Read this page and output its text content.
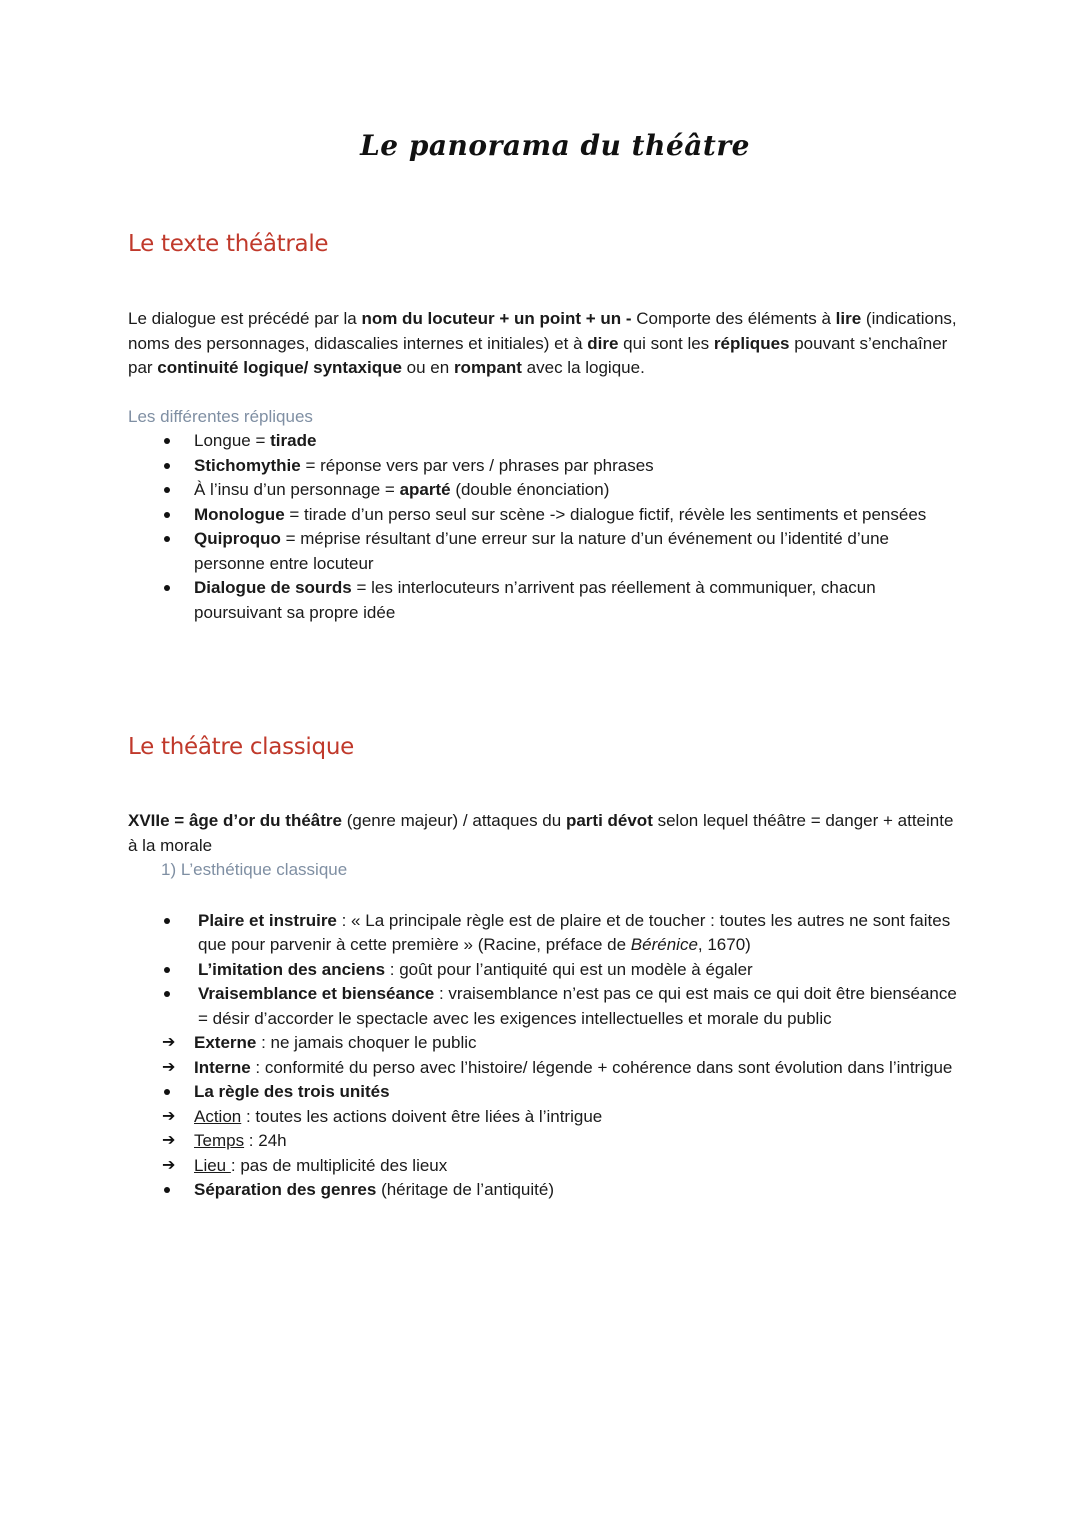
Le panorama du théâtre
Le texte théâtrale

Le dialogue est précédé par la nom du locuteur + un point + un - Comporte des éléments à lire (indications, noms des personnages, didascalies internes et initiales) et à dire qui sont les répliques pouvant s’enchaîner par continuité logique/ syntaxique ou en rompant avec la logique.

Les différentes répliques

Longue = tirade
Stichomythie = réponse vers par vers / phrases par phrases
À l’insu d’un personnage = aparté (double énonciation)
Monologue = tirade d’un perso seul sur scène -> dialogue fictif, révèle les sentiments et pensées
Quiproquo = méprise résultant d’une erreur sur la nature d’un événement ou l’identité d’une personne entre locuteur
Dialogue de sourds = les interlocuteurs n’arrivent pas réellement à communiquer, chacun poursuivant sa propre idée
Le théâtre classique

XVIIe = âge d’or du théâtre (genre majeur) / attaques du parti dévot selon lequel théâtre = danger + atteinte à la morale

1) L’esthétique classique

Plaire et instruire : « La principale règle est de plaire et de toucher : toutes les autres ne sont faites que pour parvenir à cette première » (Racine, préface de Bérénice, 1670)
L’imitation des anciens : goût pour l’antiquité qui est un modèle à égaler
Vraisemblance et bienséance : vraisemblance n’est pas ce qui est mais ce qui doit être bienséance = désir d’accorder le spectacle avec les exigences intellectuelles et morale du public
➔ Externe : ne jamais choquer le public
➔ Interne : conformité du perso avec l’histoire/ légende + cohérence dans sont évolution dans l’intrigue
La règle des trois unités
➔ Action : toutes les actions doivent être liées à l’intrigue
➔ Temps : 24h
➔ Lieu : pas de multiplicité des lieux
Séparation des genres (héritage de l’antiquité)
